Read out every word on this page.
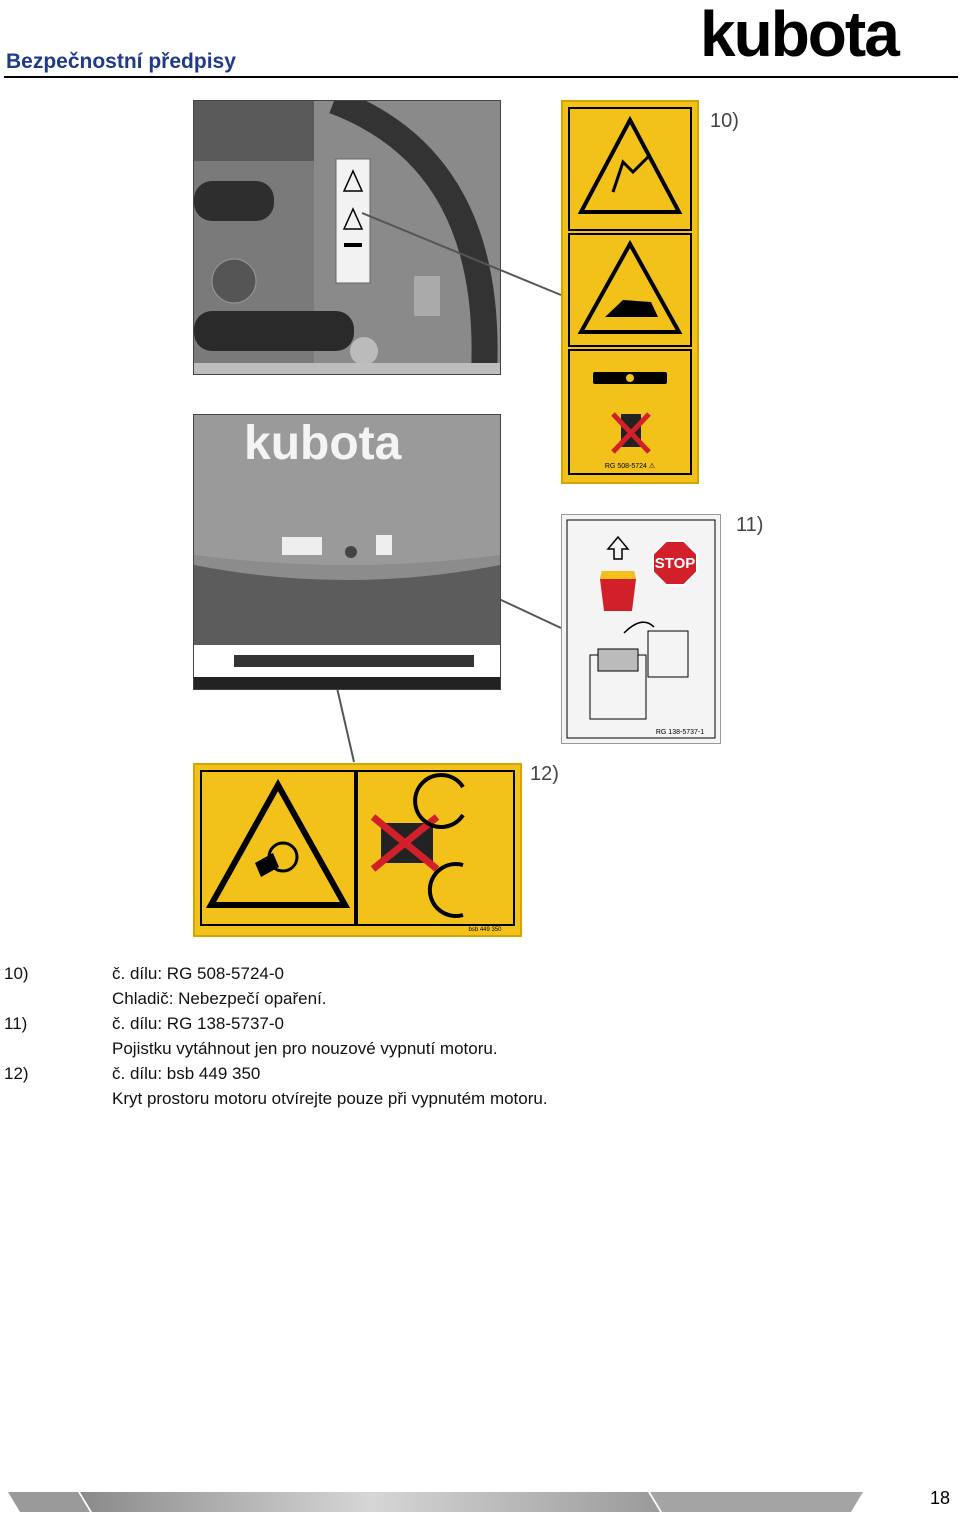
Bezpečnostní předpisy	kubota
RG 508-5724 ⚠
10)
kubota
STOP
RG 138-5737-1
11)
bsb 449 350
12)
10)	č. dílu: RG 508-5724-0
Chladič: Nebezpečí opaření.
11)	č. dílu: RG 138-5737-0
Pojistku vytáhnout jen pro nouzové vypnutí motoru.
12)	č. dílu: bsb 449 350
Kryt prostoru motoru otvírejte pouze při vypnutém motoru.
18
